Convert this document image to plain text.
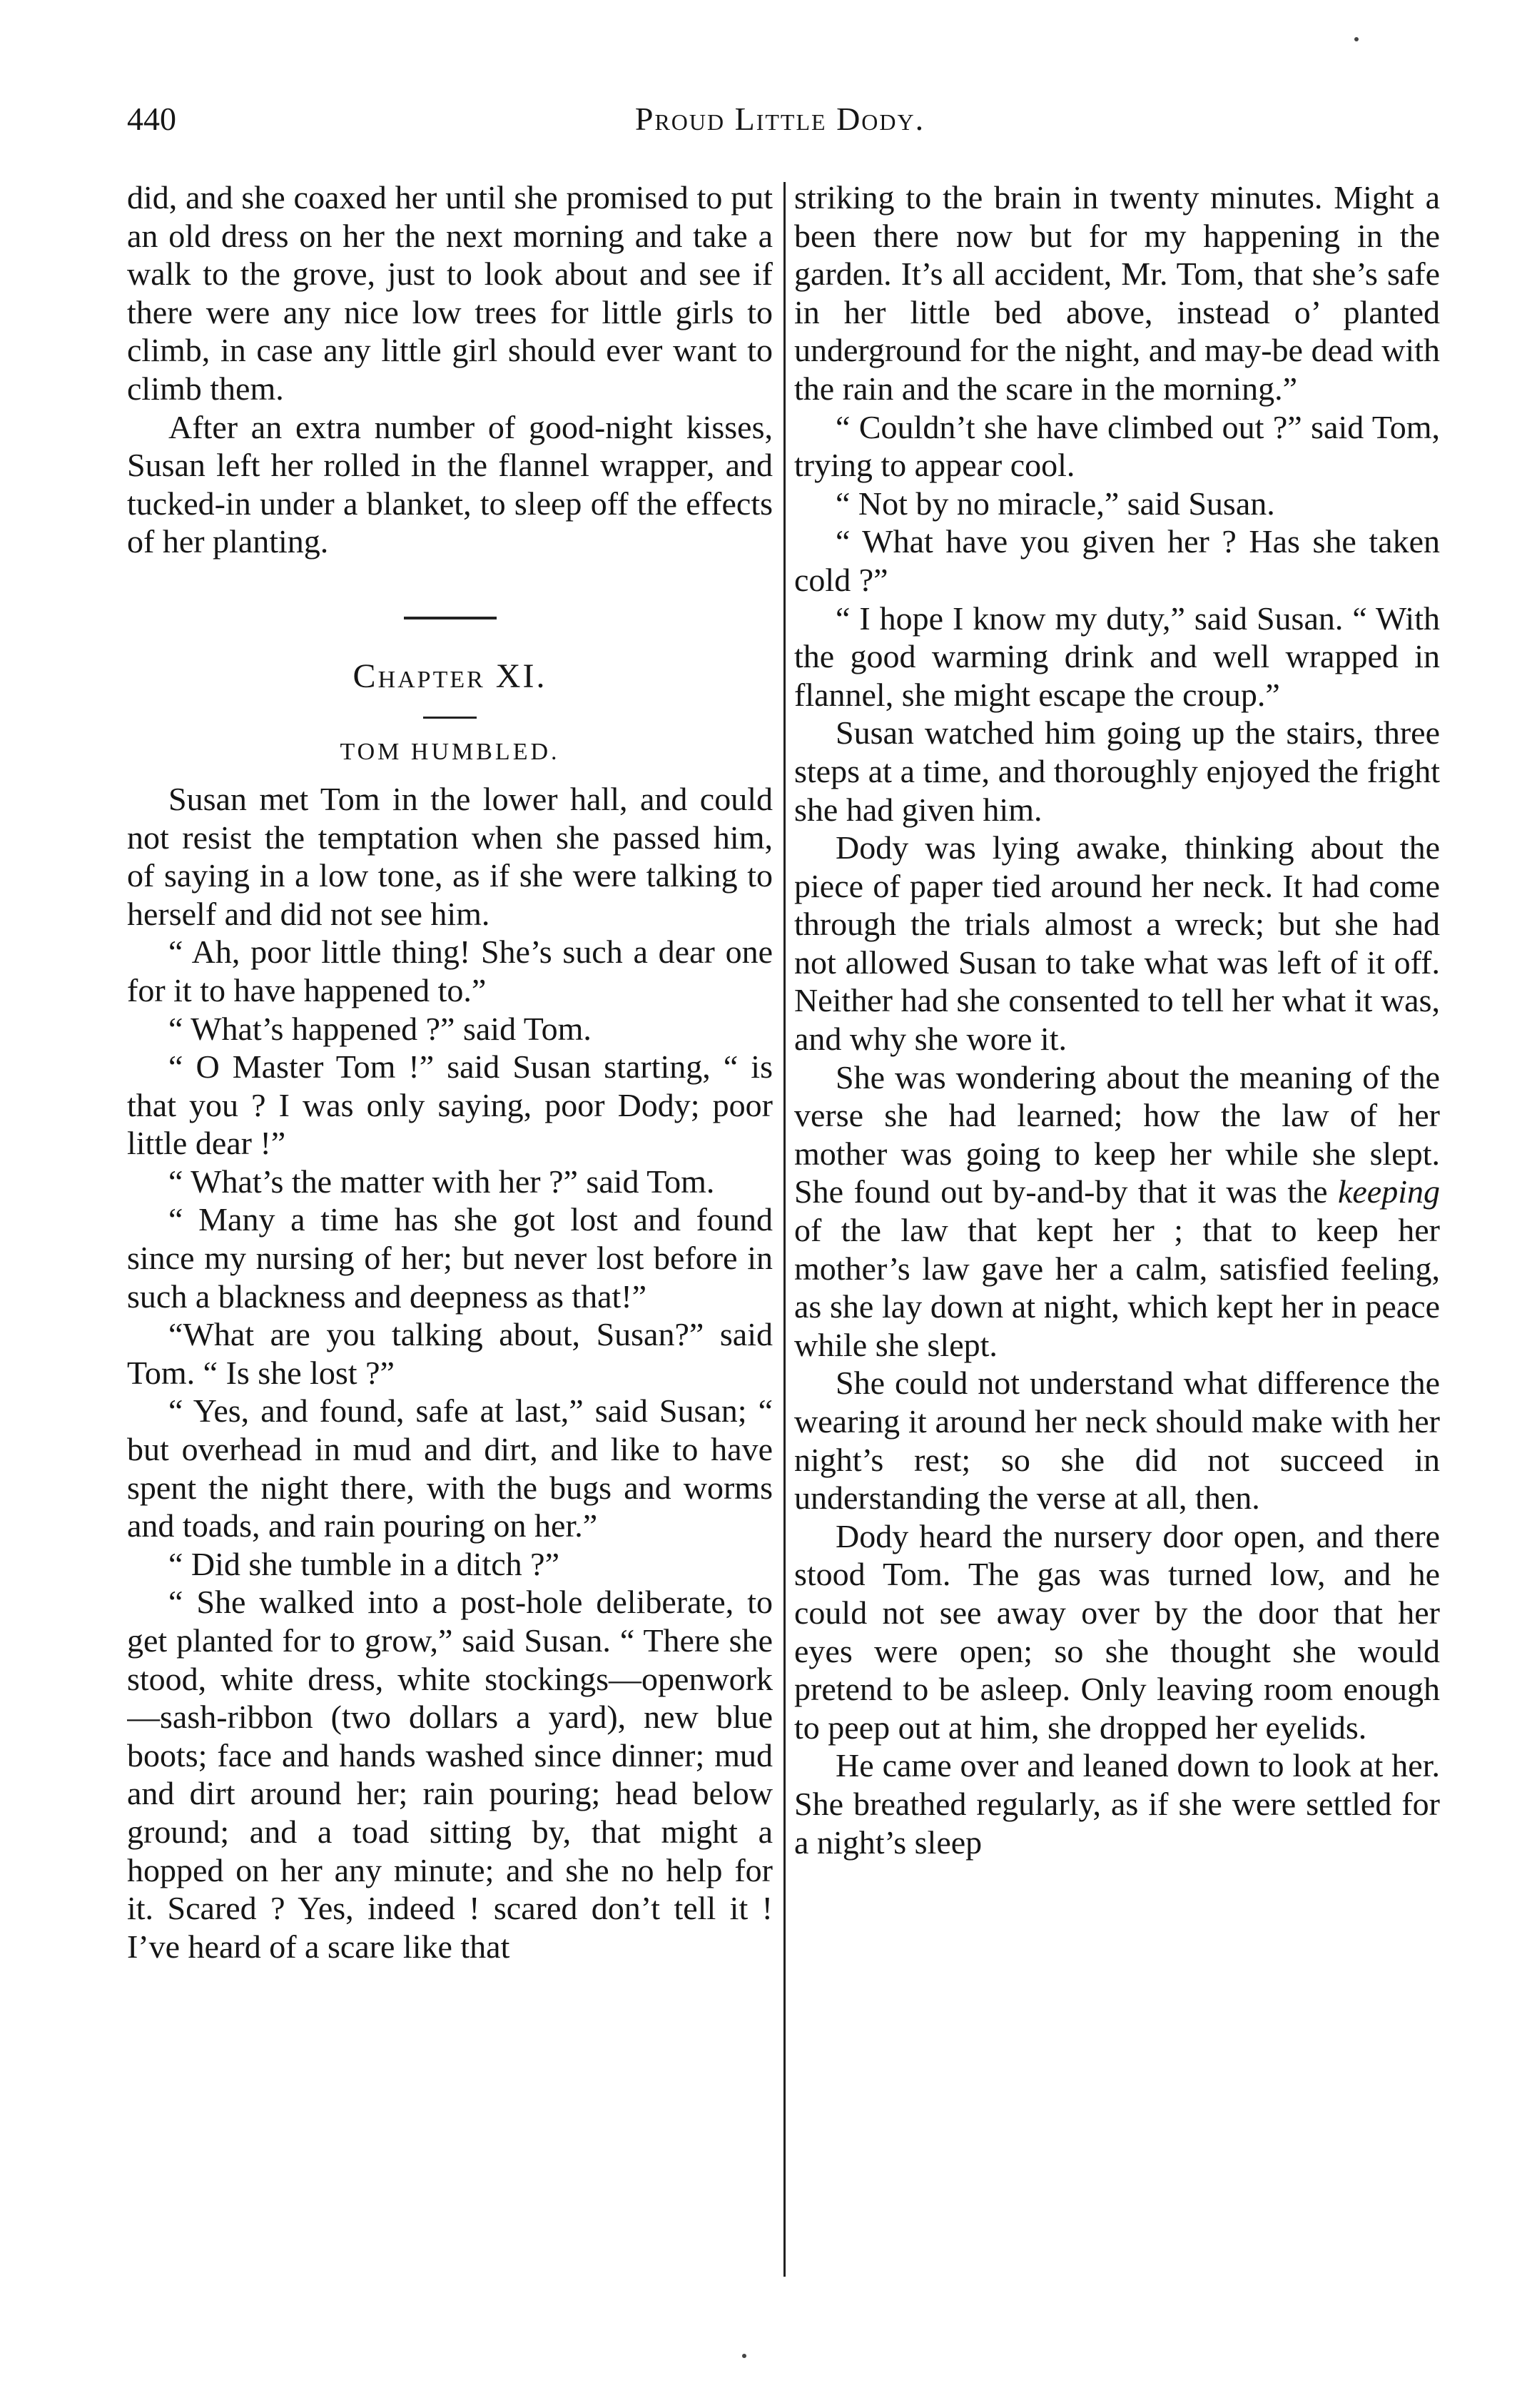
440	Proud Little Dody.

did, and she coaxed her until she promised to put an old dress on her the next morning and take a walk to the grove, just to look about and see if there were any nice low trees for little girls to climb, in case any little girl should ever want to climb them.

After an extra number of good-night kisses, Susan left her rolled in the flannel wrapper, and tucked-in under a blanket, to sleep off the effects of her planting.

Chapter XI.
TOM HUMBLED.

Susan met Tom in the lower hall, and could not resist the temptation when she passed him, of saying in a low tone, as if she were talking to herself and did not see him.

“ Ah, poor little thing! She’s such a dear one for it to have happened to.”

“ What’s happened ?” said Tom.

“ O Master Tom !” said Susan starting, “ is that you ? I was only saying, poor Dody; poor little dear !”

“ What’s the matter with her ?” said Tom.

“ Many a time has she got lost and found since my nursing of her; but never lost before in such a blackness and deepness as that!”

“What are you talking about, Susan?” said Tom. “ Is she lost ?”

“ Yes, and found, safe at last,” said Susan; “ but overhead in mud and dirt, and like to have spent the night there, with the bugs and worms and toads, and rain pouring on her.”

“ Did she tumble in a ditch ?”

“ She walked into a post-hole deliberate, to get planted for to grow,” said Susan. “ There she stood, white dress, white stockings—openwork—sash-ribbon (two dollars a yard), new blue boots; face and hands washed since dinner; mud and dirt around her; rain pouring; head below ground; and a toad sitting by, that might a hopped on her any minute; and she no help for it. Scared ? Yes, indeed ! scared don’t tell it ! I’ve heard of a scare like that

striking to the brain in twenty minutes. Might a been there now but for my happening in the garden. It’s all accident, Mr. Tom, that she’s safe in her little bed above, instead o’ planted underground for the night, and may-be dead with the rain and the scare in the morning.”

“ Couldn’t she have climbed out ?” said Tom, trying to appear cool.

“ Not by no miracle,” said Susan.

“ What have you given her ? Has she taken cold ?”

“ I hope I know my duty,” said Susan. “ With the good warming drink and well wrapped in flannel, she might escape the croup.”

Susan watched him going up the stairs, three steps at a time, and thoroughly enjoyed the fright she had given him.

Dody was lying awake, thinking about the piece of paper tied around her neck. It had come through the trials almost a wreck; but she had not allowed Susan to take what was left of it off. Neither had she consented to tell her what it was, and why she wore it.

She was wondering about the meaning of the verse she had learned; how the law of her mother was going to keep her while she slept. She found out by-and-by that it was the keeping of the law that kept her ; that to keep her mother’s law gave her a calm, satisfied feeling, as she lay down at night, which kept her in peace while she slept.

She could not understand what difference the wearing it around her neck should make with her night’s rest; so she did not succeed in understanding the verse at all, then.

Dody heard the nursery door open, and there stood Tom. The gas was turned low, and he could not see away over by the door that her eyes were open; so she thought she would pretend to be asleep. Only leaving room enough to peep out at him, she dropped her eyelids.

He came over and leaned down to look at her. She breathed regularly, as if she were settled for a night’s sleep
